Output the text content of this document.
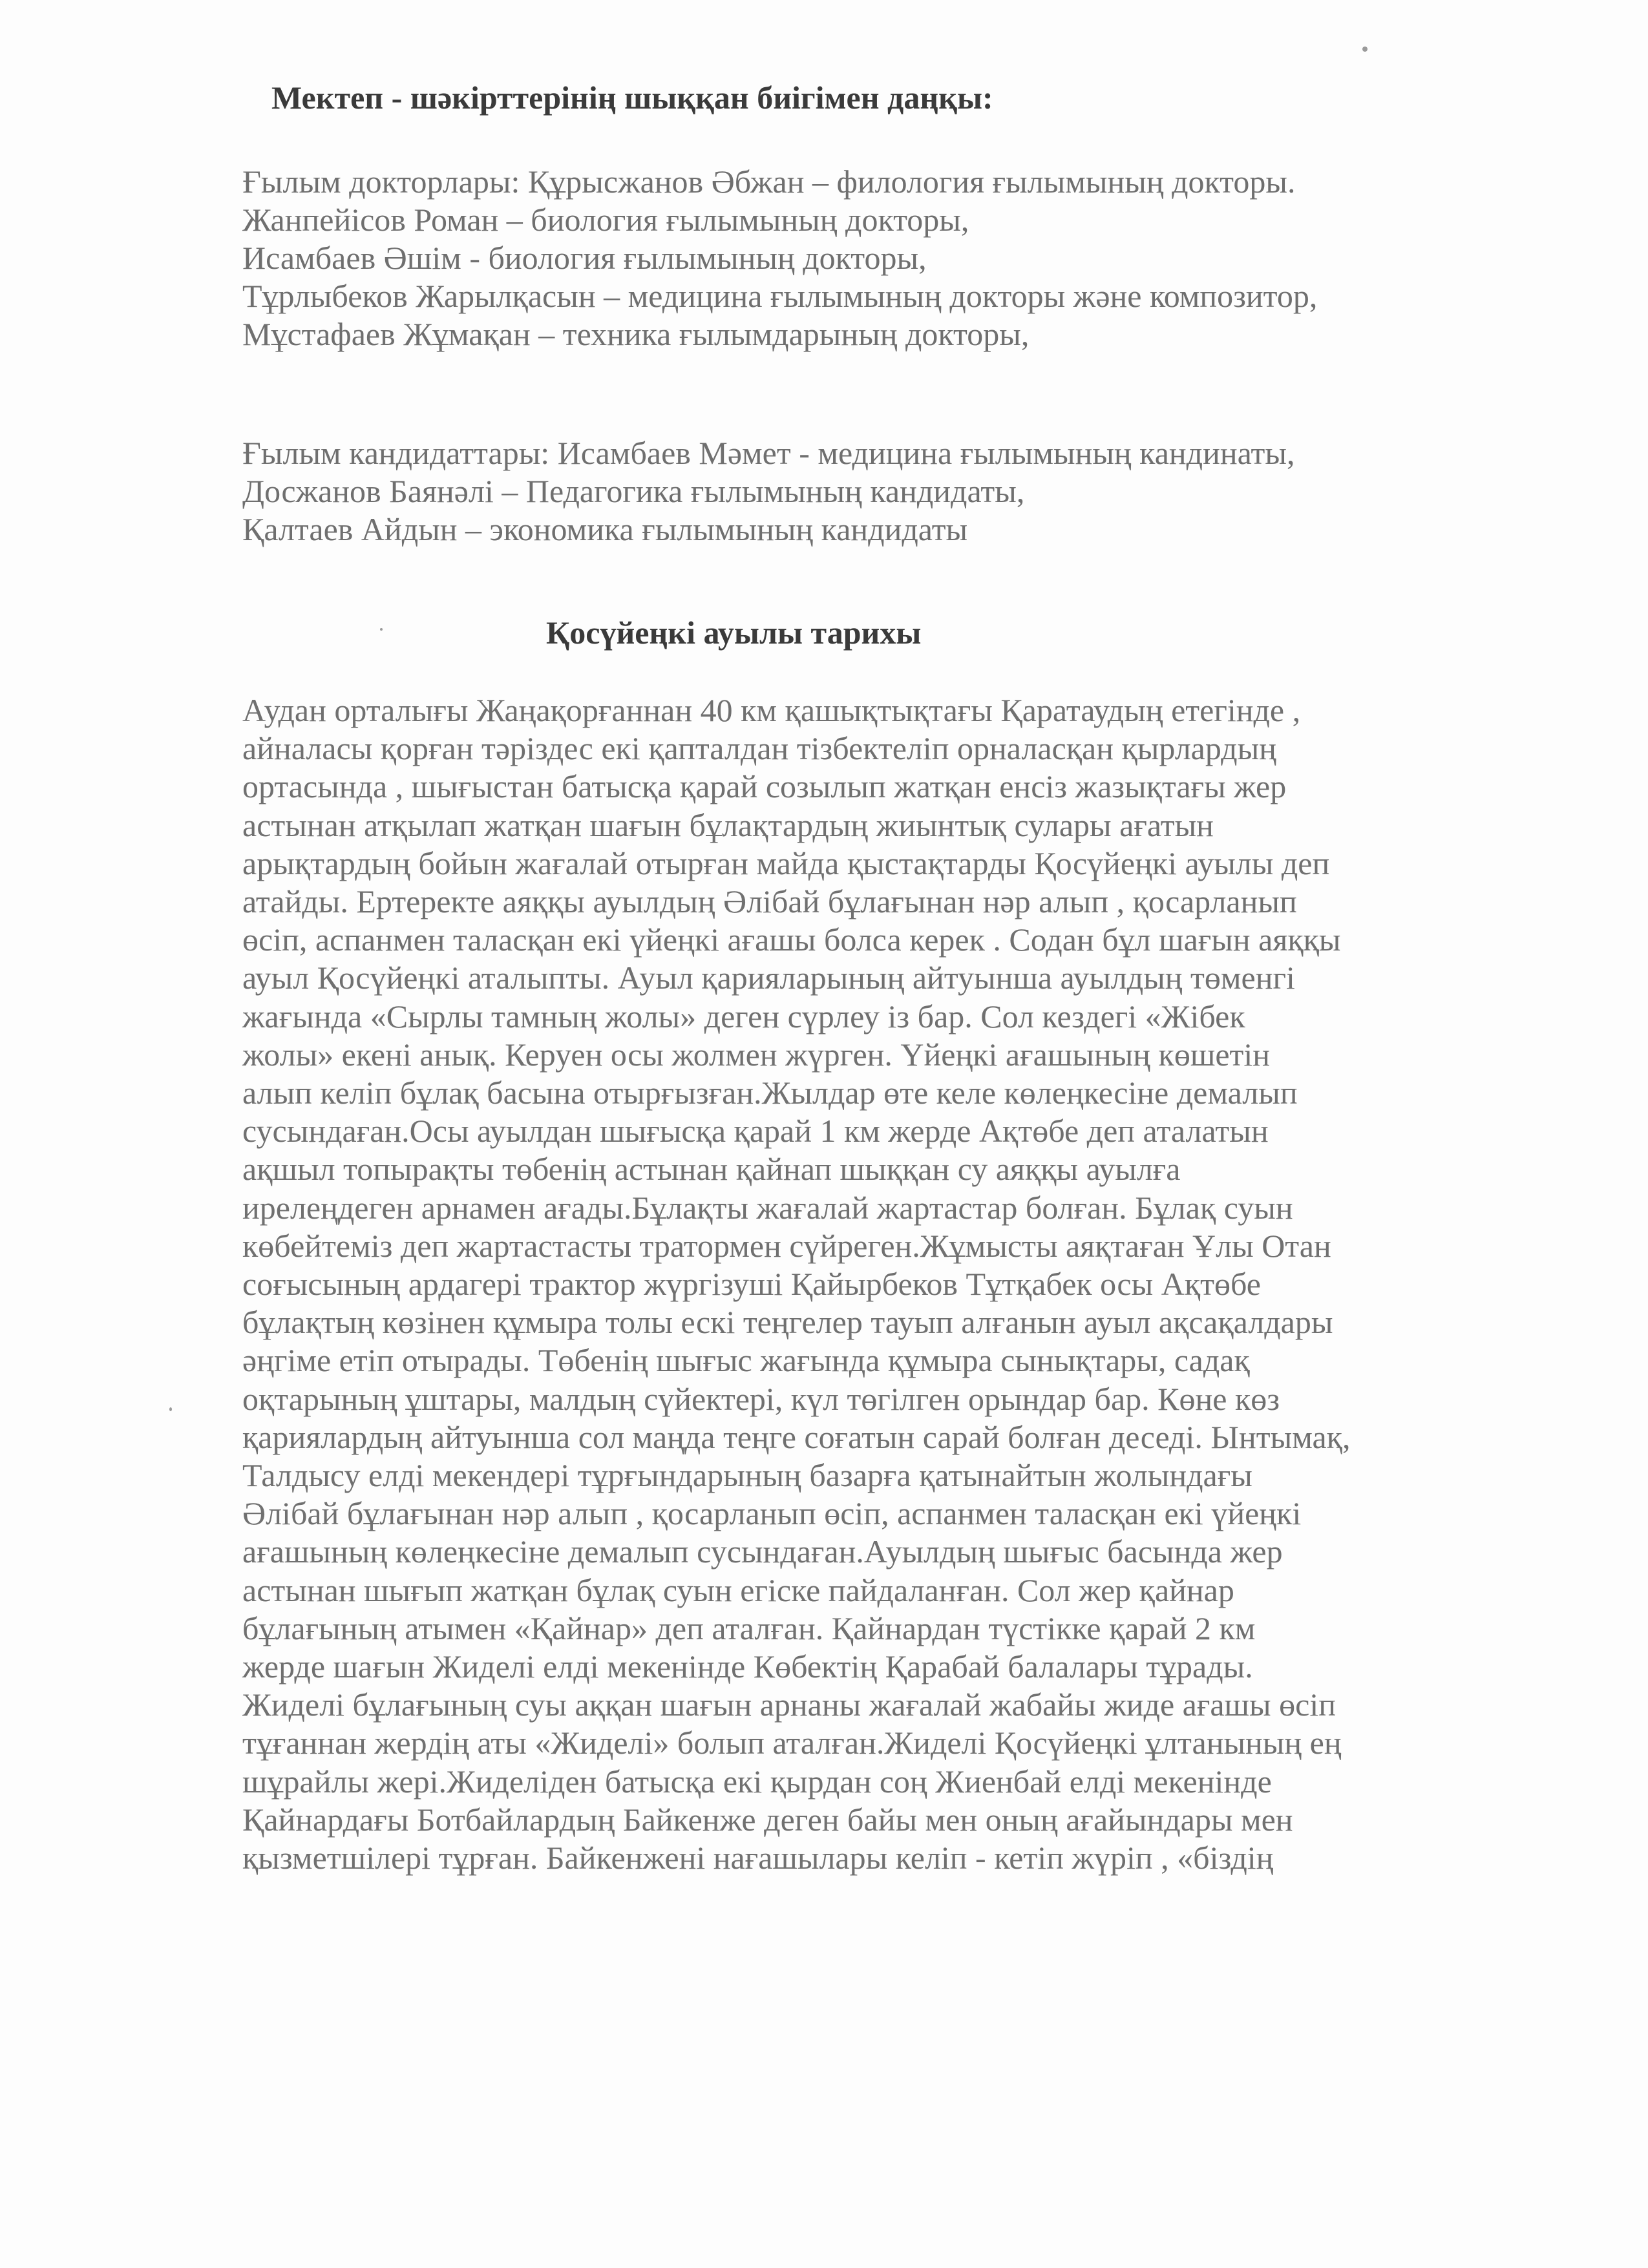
Мектеп - шәкірттерінің шыққан биігімен даңқы:
Ғылым докторлары: Құрысжанов Әбжан – филология ғылымының докторы.
Жанпейісов Роман – биология ғылымының докторы,
Исамбаев Әшім - биология ғылымының докторы,
Тұрлыбеков Жарылқасын – медицина ғылымының докторы және композитор,
Мұстафаев Жұмақан – техника ғылымдарының докторы,
Ғылым кандидаттары: Исамбаев Мәмет - медицина ғылымының кандинаты,
Досжанов Баянәлі – Педагогика ғылымының кандидаты,
Қалтаев Айдын – экономика ғылымының кандидаты
Қосүйеңкі ауылы тарихы
Аудан орталығы Жаңақорғаннан 40 км қашықтықтағы Қаратаудың етегінде ,
айналасы қорған тәріздес екі қапталдан тізбектеліп орналасқан қырлардың
ортасында , шығыстан батысқа қарай созылып жатқан енсіз жазықтағы жер
астынан атқылап жатқан шағын бұлақтардың жиынтық сулары ағатын
арықтардың бойын жағалай отырған майда қыстақтарды Қосүйеңкі ауылы деп
атайды. Ертеректе аяққы ауылдың Әлібай бұлағынан нәр алып , қосарланып
өсіп, аспанмен таласқан екі үйеңкі ағашы болса керек . Содан бұл шағын аяққы
ауыл Қосүйеңкі аталыпты. Ауыл қарияларының айтуынша ауылдың төменгі
жағында «Сырлы тамның жолы» деген сүрлеу із бар. Сол кездегі «Жібек
жолы» екені анық. Керуен осы жолмен жүрген. Үйеңкі ағашының көшетін
алып келіп бұлақ басына отырғызған.Жылдар өте келе көлеңкесіне демалып
сусындаған.Осы ауылдан шығысқа қарай 1 км жерде Ақтөбе деп аталатын
ақшыл топырақты төбенің астынан қайнап шыққан су аяққы ауылға
ирелеңдеген арнамен ағады.Бұлақты жағалай жартастар болған. Бұлақ суын
көбейтеміз деп жартастасты тратормен сүйреген.Жұмысты аяқтаған Ұлы Отан
соғысының ардагері трактор жүргізуші Қайырбеков Тұтқабек осы Ақтөбе
бұлақтың көзінен құмыра толы ескі теңгелер тауып алғанын ауыл ақсақалдары
әңгіме етіп отырады. Төбенің шығыс жағында құмыра сынықтары, садақ
оқтарының ұштары, малдың сүйектері, күл төгілген орындар бар. Көне көз
қариялардың айтуынша сол маңда теңге соғатын сарай болған деседі. Ынтымақ,
Талдысу елді мекендері тұрғындарының базарға қатынайтын жолындағы
Әлібай бұлағынан нәр алып , қосарланып өсіп, аспанмен таласқан екі үйеңкі
ағашының көлеңкесіне демалып сусындаған.Ауылдың шығыс басында жер
астынан шығып жатқан бұлақ суын егіске пайдаланған. Сол жер қайнар
бұлағының атымен «Қайнар» деп аталған. Қайнардан түстікке қарай 2 км
жерде шағын Жиделі елді мекенінде Көбектің Қарабай балалары тұрады.
Жиделі бұлағының суы аққан шағын арнаны жағалай жабайы жиде ағашы өсіп
тұғаннан жердің аты «Жиделі» болып аталған.Жиделі Қосүйеңкі ұлтанының ең
шұрайлы жері.Жиделіден батысқа екі қырдан соң Жиенбай елді мекенінде
Қайнардағы Ботбайлардың Байкенже деген байы мен оның ағайындары мен
қызметшілері тұрған. Байкенжені нағашылары келіп - кетіп жүріп , «біздің
